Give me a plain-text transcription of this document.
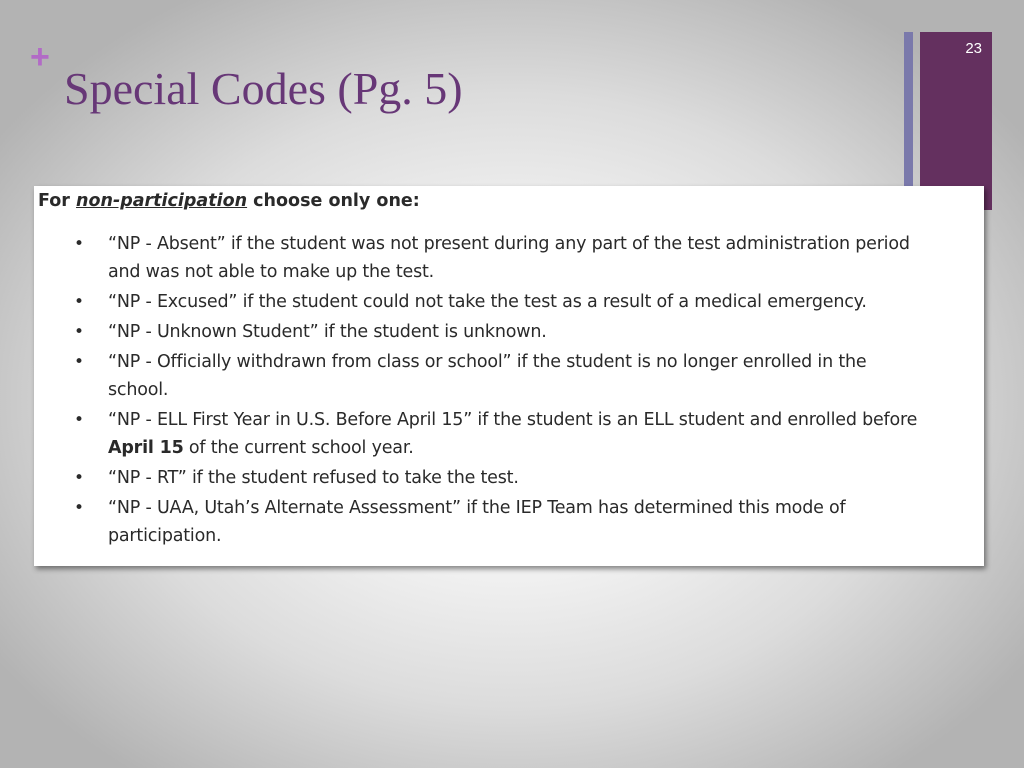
+
Special Codes (Pg. 5)
23

For non-participation choose only one:

• “NP - Absent” if the student was not present during any part of the test administration period and was not able to make up the test.
• “NP - Excused” if the student could not take the test as a result of a medical emergency.
• “NP - Unknown Student” if the student is unknown.
• “NP - Officially withdrawn from class or school” if the student is no longer enrolled in the school.
• “NP - ELL First Year in U.S. Before April 15” if the student is an ELL student and enrolled before April 15 of the current school year.
• “NP - RT” if the student refused to take the test.
• “NP - UAA, Utah’s Alternate Assessment” if the IEP Team has determined this mode of participation.
